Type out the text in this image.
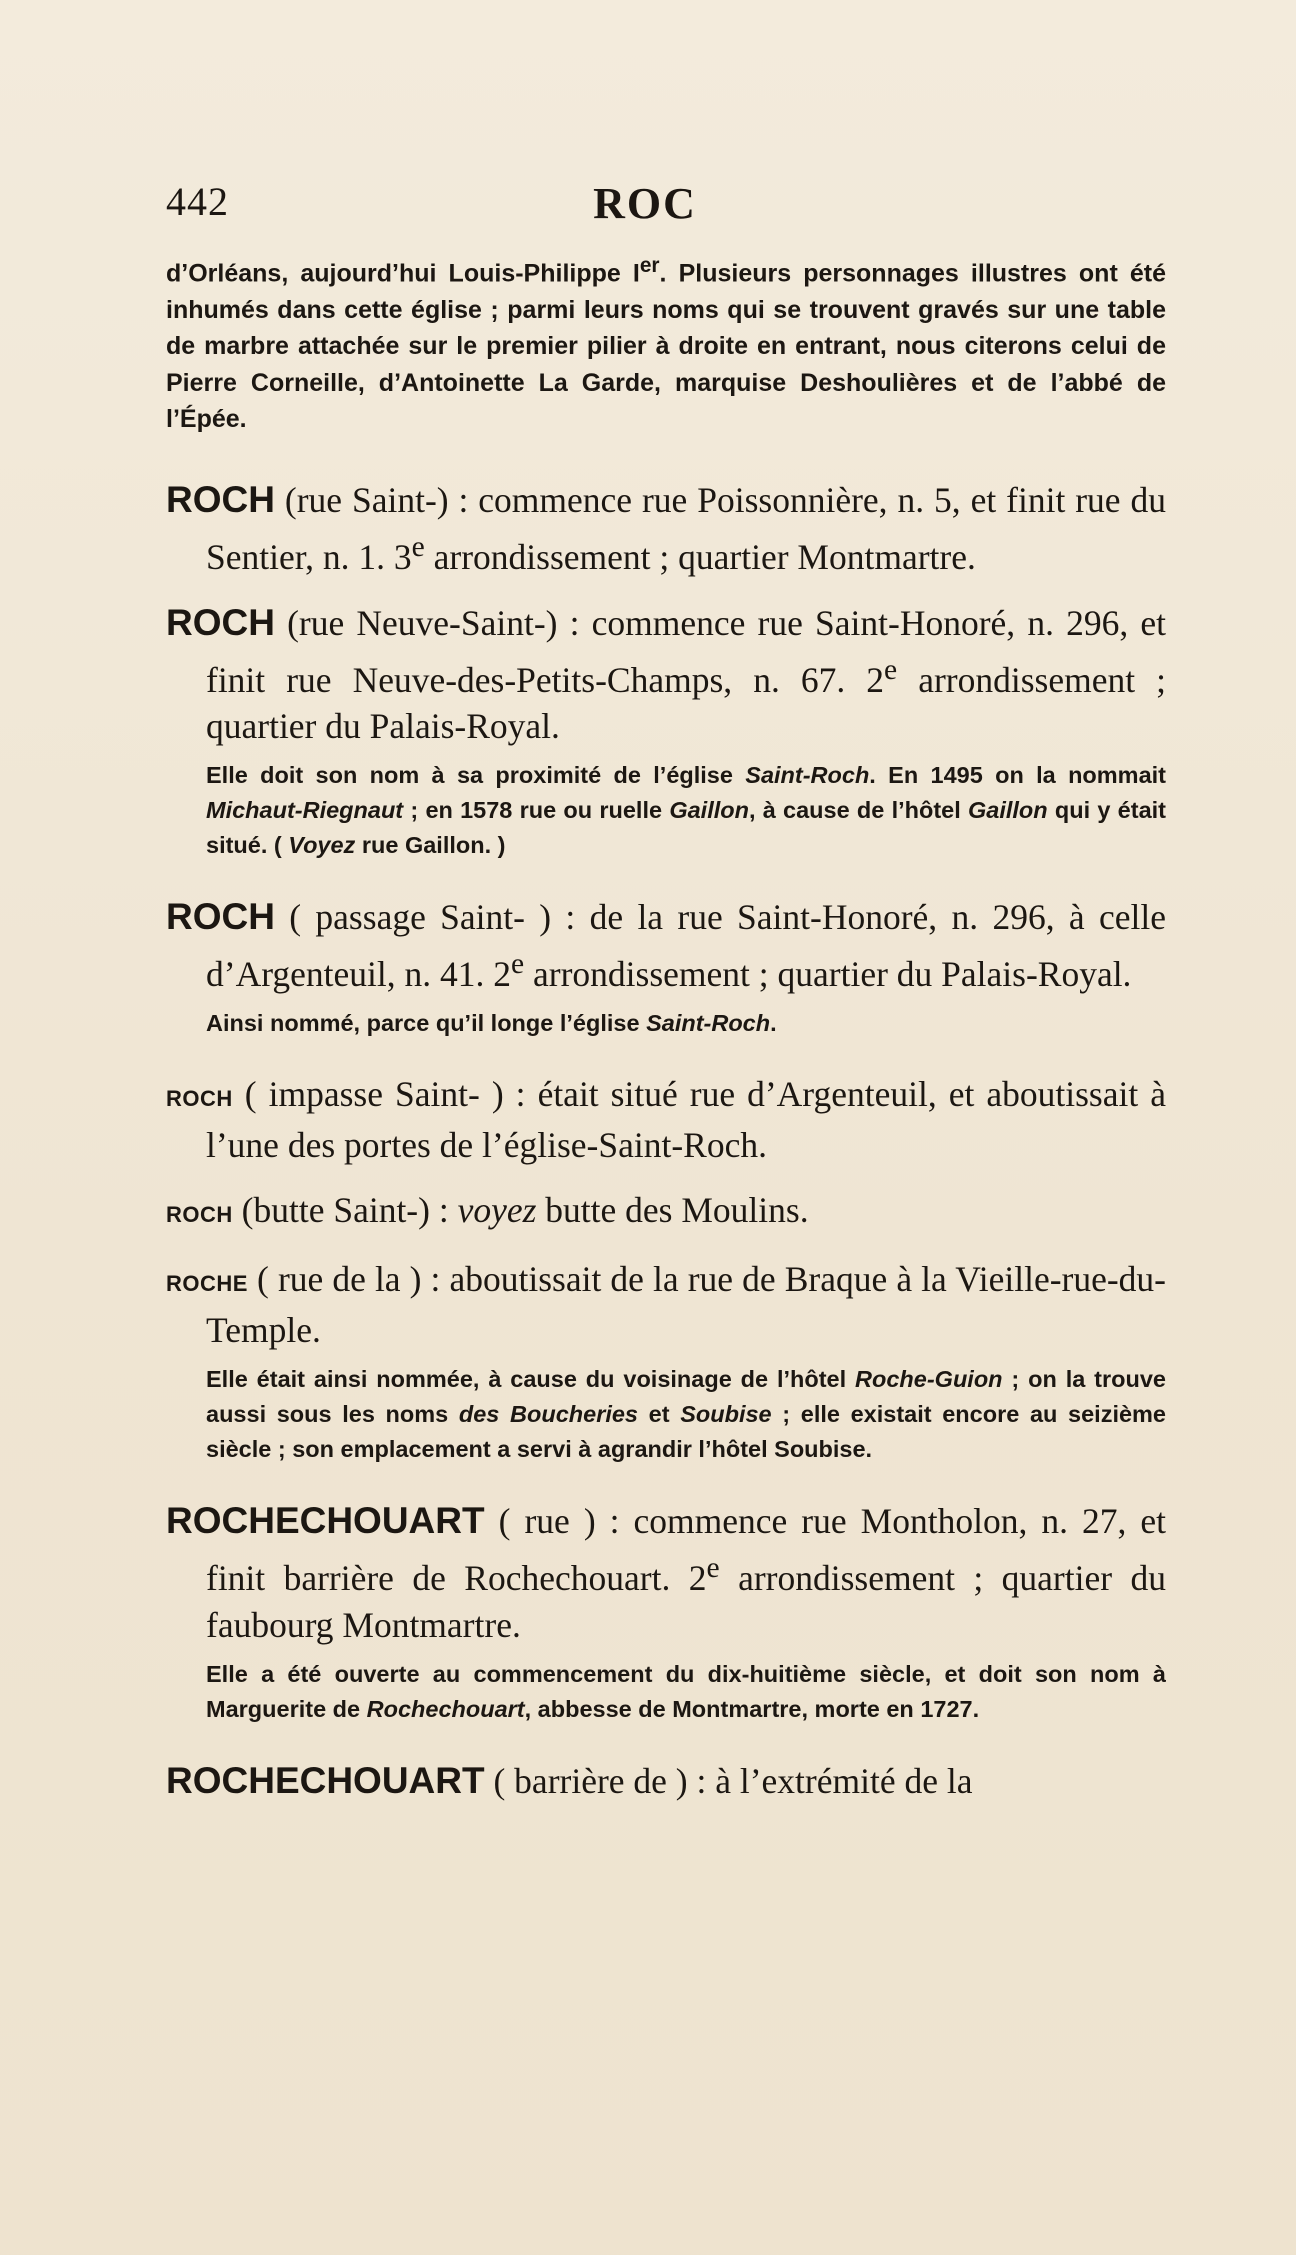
442	ROC

d’Orléans, aujourd’hui Louis-Philippe Ier. Plusieurs personnages illustres ont été inhumés dans cette église ; parmi leurs noms qui se trouvent gravés sur une table de marbre attachée sur le premier pilier à droite en entrant, nous citerons celui de Pierre Corneille, d’Antoinette La Garde, marquise Deshoulières et de l’abbé de l’Épée.

ROCH (rue Saint-) : commence rue Poissonnière, n. 5, et finit rue du Sentier, n. 1. 3e arrondissement ; quartier Montmartre.

ROCH (rue Neuve-Saint-) : commence rue Saint-Honoré, n. 296, et finit rue Neuve-des-Petits-Champs, n. 67. 2e arrondissement ; quartier du Palais-Royal.

Elle doit son nom à sa proximité de l’église Saint-Roch. En 1495 on la nommait Michaut-Riegnaut ; en 1578 rue ou ruelle Gaillon, à cause de l’hôtel Gaillon qui y était situé. ( Voyez rue Gaillon. )

ROCH ( passage Saint- ) : de la rue Saint-Honoré, n. 296, à celle d’Argenteuil, n. 41. 2e arrondissement ; quartier du Palais-Royal.

Ainsi nommé, parce qu’il longe l’église Saint-Roch.

ROCH ( impasse Saint- ) : était situé rue d’Argenteuil, et aboutissait à l’une des portes de l’église-Saint-Roch.

ROCH (butte Saint-) : voyez butte des Moulins.

ROCHE ( rue de la ) : aboutissait de la rue de Braque à la Vieille-rue-du-Temple.

Elle était ainsi nommée, à cause du voisinage de l’hôtel Roche-Guion ; on la trouve aussi sous les noms des Boucheries et Soubise ; elle existait encore au seizième siècle ; son emplacement a servi à agrandir l’hôtel Soubise.

ROCHECHOUART ( rue ) : commence rue Montholon, n. 27, et finit barrière de Rochechouart. 2e arrondissement ; quartier du faubourg Montmartre.

Elle a été ouverte au commencement du dix-huitième siècle, et doit son nom à Marguerite de Rochechouart, abbesse de Montmartre, morte en 1727.

ROCHECHOUART ( barrière de ) : à l’extrémité de la
